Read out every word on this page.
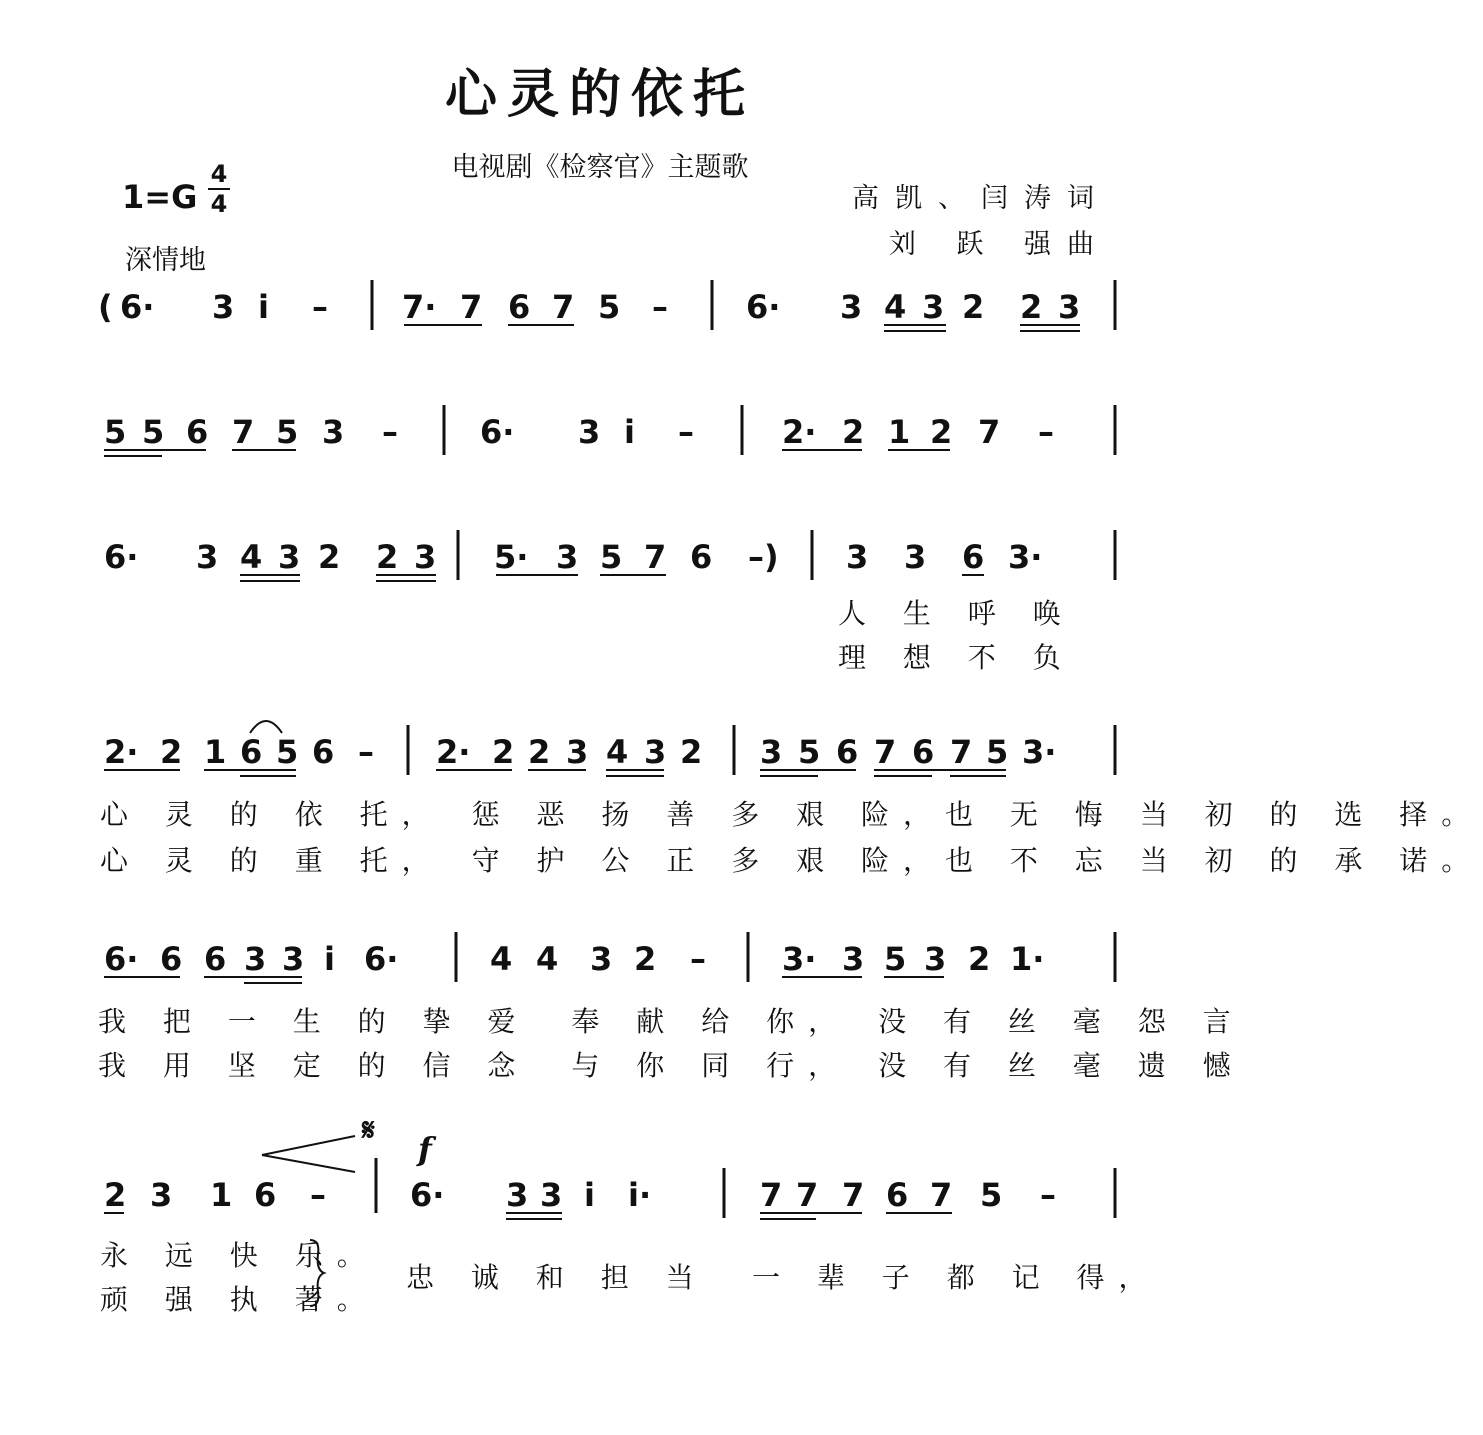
心灵的依托
电视剧《检察官》主题歌
高凯、闫涛词
刘 跃 强曲
1=G
4
4
深情地
( 6· 3 i – 7· 7 6 7 5 – 6· 3 4 3 2 2 3
5 5 6 7 5 3 –	6· 3 i –	2· 2 1 2 7 –
6· 3 4 3 2 2 3 5· 3 5 7 6 –) 3 3 6 3·
人 生 呼 唤
理 想 不 负
2· 2 1 6 5 6 – 2· 2 2 3 4 3 2 3 5 6 7 6 7 5 3·
心 灵 的 依 托，　惩 恶 扬 善 多 艰 险，也 无 悔 当 初 的 选 择。
心 灵 的 重 托，　守 护 公 正 多 艰 险，也 不 忘 当 初 的 承 诺。
6· 6 6 3 3 i 6·	4 4 3 2 – 3· 3 5 3 2 1·
我 把 一 生 的 挚 爱　奉 献 给 你，　没 有 丝 毫 怨 言
我 用 坚 定 的 信 念　与 你 同 行，　没 有 丝 毫 遗 憾
2 3 1 6 –	6· 3 3 i i·	7 7 7 6 7 5 –
𝄋 f
永 远 快 乐。
顽 强 执 著。
忠 诚 和 担 当 一 辈 子 都 记 得，
